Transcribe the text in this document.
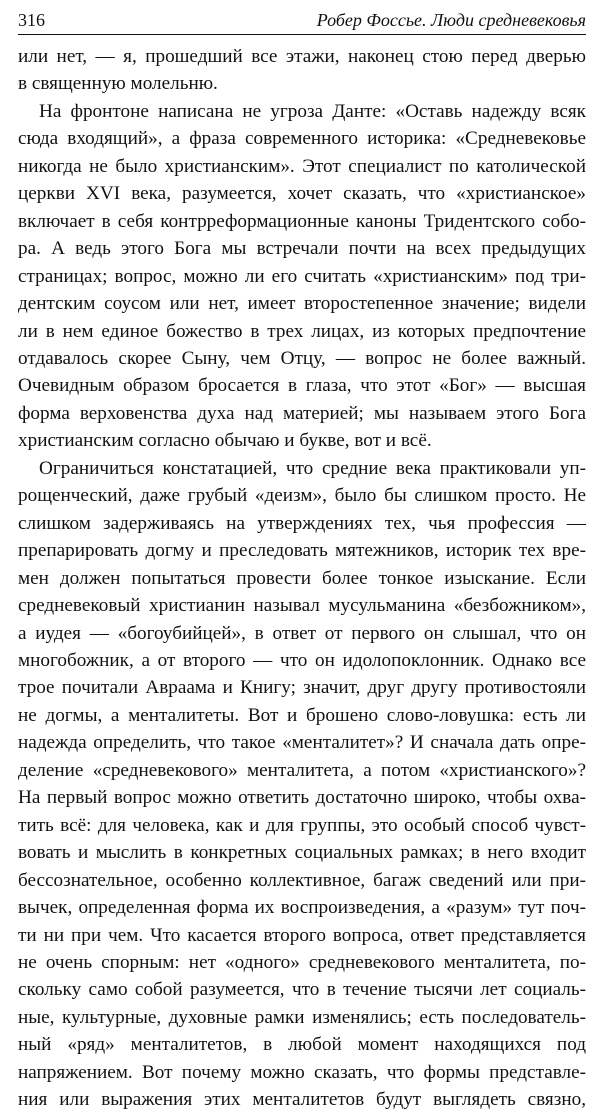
316	Робер Фоссье. Люди средневековья
или нет, — я, прошедший все этажи, наконец стою перед дверью
в священную молельню.
На фронтоне написана не угроза Данте: «Оставь надежду всяк
сюда входящий», а фраза современного историка: «Средневековье
никогда не было христианским». Этот специалист по католической
церкви XVI века, разумеется, хочет сказать, что «христианское»
включает в себя контрреформационные каноны Тридентского собо-
ра. А ведь этого Бога мы встречали почти на всех предыдущих
страницах; вопрос, можно ли его считать «христианским» под три-
дентским соусом или нет, имеет второстепенное значение; видели
ли в нем единое божество в трех лицах, из которых предпочтение
отдавалось скорее Сыну, чем Отцу, — вопрос не более важный.
Очевидным образом бросается в глаза, что этот «Бог» — высшая
форма верховенства духа над материей; мы называем этого Бога
христианским согласно обычаю и букве, вот и всё.
Ограничиться констатацией, что средние века практиковали уп-
рощенческий, даже грубый «деизм», было бы слишком просто. Не
слишком задерживаясь на утверждениях тех, чья профессия —
препарировать догму и преследовать мятежников, историк тех вре-
мен должен попытаться провести более тонкое изыскание. Если
средневековый христианин называл мусульманина «безбожником»,
а иудея — «богоубийцей», в ответ от первого он слышал, что он
многобожник, а от второго — что он идолопоклонник. Однако все
трое почитали Авраама и Книгу; значит, друг другу противостояли
не догмы, а менталитеты. Вот и брошено слово-ловушка: есть ли
надежда определить, что такое «менталитет»? И сначала дать опре-
деление «средневекового» менталитета, а потом «христианского»?
На первый вопрос можно ответить достаточно широко, чтобы охва-
тить всё: для человека, как и для группы, это особый способ чувст-
вовать и мыслить в конкретных социальных рамках; в него входит
бессознательное, особенно коллективное, багаж сведений или при-
вычек, определенная форма их воспроизведения, а «разум» тут поч-
ти ни при чем. Что касается второго вопроса, ответ представляется
не очень спорным: нет «одного» средневекового менталитета, по-
скольку само собой разумеется, что в течение тысячи лет социаль-
ные, культурные, духовные рамки изменялись; есть последователь-
ный «ряд» менталитетов, в любой момент находящихся под
напряжением. Вот почему можно сказать, что формы представле-
ния или выражения этих менталитетов будут выглядеть связно,
